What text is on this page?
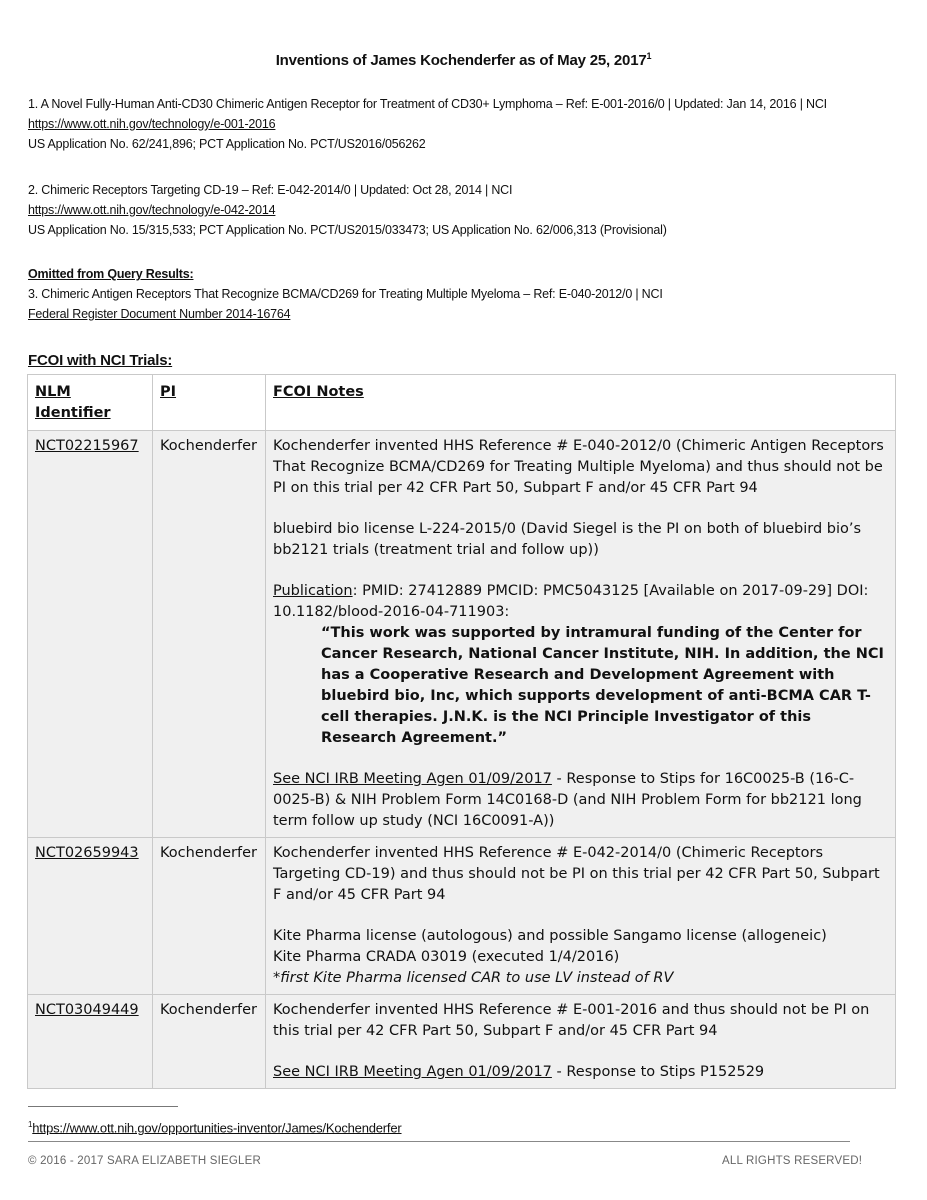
Inventions of James Kochenderfer as of May 25, 2017$^1$
1. A Novel Fully-Human Anti-CD30 Chimeric Antigen Receptor for Treatment of CD30+ Lymphoma – Ref: E-001-2016/0 | Updated: Jan 14, 2016 | NCI
https://www.ott.nih.gov/technology/e-001-2016
US Application No. 62/241,896; PCT Application No. PCT/US2016/056262
2. Chimeric Receptors Targeting CD-19 – Ref: E-042-2014/0 | Updated: Oct 28, 2014 | NCI
https://www.ott.nih.gov/technology/e-042-2014
US Application No. 15/315,533; PCT Application No. PCT/US2015/033473; US Application No. 62/006,313 (Provisional)
Omitted from Query Results:
3. Chimeric Antigen Receptors That Recognize BCMA/CD269 for Treating Multiple Myeloma – Ref: E-040-2012/0 | NCI
Federal Register Document Number 2014-16764
FCOI with NCI Trials:
NLM Identifier	PI	FCOI Notes
NCT02215967	Kochenderfer	Kochenderfer invented HHS Reference # E-040-2012/0 (Chimeric Antigen Receptors That Recognize BCMA/CD269 for Treating Multiple Myeloma) and thus should not be PI on this trial per 42 CFR Part 50, Subpart F and/or 45 CFR Part 94
bluebird bio license L-224-2015/0 (David Siegel is the PI on both of bluebird bio’s bb2121 trials (treatment trial and follow up))
Publication: PMID: 27412889 PMCID: PMC5043125 [Available on 2017-09-29] DOI: 10.1182/blood-2016-04-711903:
“This work was supported by intramural funding of the Center for Cancer Research, National Cancer Institute, NIH. In addition, the NCI has a Cooperative Research and Development Agreement with bluebird bio, Inc, which supports development of anti-BCMA CAR T-cell therapies. J.N.K. is the NCI Principle Investigator of this Research Agreement.”
See NCI IRB Meeting Agen 01/09/2017 - Response to Stips for 16C0025-B (16-C-0025-B) & NIH Problem Form 14C0168-D (and NIH Problem Form for bb2121 long term follow up study (NCI 16C0091-A))

NCT02659943	Kochenderfer	Kochenderfer invented HHS Reference # E-042-2014/0 (Chimeric Receptors Targeting CD-19) and thus should not be PI on this trial per 42 CFR Part 50, Subpart F and/or 45 CFR Part 94
Kite Pharma license (autologous) and possible Sangamo license (allogeneic)
Kite Pharma CRADA 03019 (executed 1/4/2016)
*first Kite Pharma licensed CAR to use LV instead of RV

NCT03049449	Kochenderfer	Kochenderfer invented HHS Reference # E-001-2016 and thus should not be PI on this trial per 42 CFR Part 50, Subpart F and/or 45 CFR Part 94
See NCI IRB Meeting Agen 01/09/2017 - Response to Stips P152529
$^1$https://www.ott.nih.gov/opportunities-inventor/James/Kochenderfer
© 2016 - 2017 SARA ELIZABETH SIEGLER	ALL RIGHTS RESERVED!
